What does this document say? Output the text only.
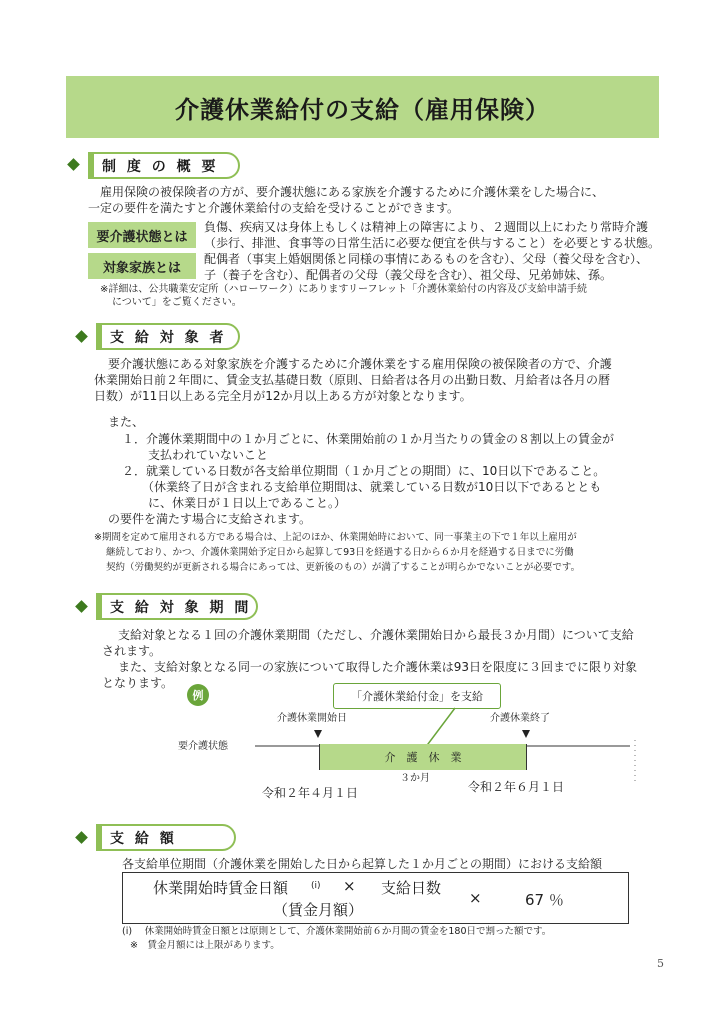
介護休業給付の支給（雇用保険）
制 度 の 概 要
雇用保険の被保険者の方が、要介護状態にある家族を介護するために介護休業をした場合に、
一定の要件を満たすと介護休業給付の支給を受けることができます。
要介護状態とは
負傷、疾病又は身体上もしくは精神上の障害により、２週間以上にわたり常時介護
（歩行、排泄、食事等の日常生活に必要な便宜を供与すること）を必要とする状態。
対象家族とは
配偶者（事実上婚姻関係と同様の事情にあるものを含む）、父母（養父母を含む）、
子（養子を含む）、配偶者の父母（義父母を含む）、祖父母、兄弟姉妹、孫。
※詳細は、公共職業安定所（ハローワーク）にありますリーフレット「介護休業給付の内容及び支給申請手続
について」をご覧ください。
支 給 対 象 者
要介護状態にある対象家族を介護するために介護休業をする雇用保険の被保険者の方で、介護
休業開始日前２年間に、賃金支払基礎日数（原則、日給者は各月の出勤日数、月給者は各月の暦
日数）が11日以上ある完全月が12か月以上ある方が対象となります。
また、
１．介護休業期間中の１か月ごとに、休業開始前の１か月当たりの賃金の８割以上の賃金が
支払われていないこと
２．就業している日数が各支給単位期間（１か月ごとの期間）に、10日以下であること。
（休業終了日が含まれる支給単位期間は、就業している日数が10日以下であるととも
に、休業日が１日以上であること。）
の要件を満たす場合に支給されます。
※期間を定めて雇用される方である場合は、上記のほか、休業開始時において、同一事業主の下で１年以上雇用が
継続しており、かつ、介護休業開始予定日から起算して93日を経過する日から６か月を経過する日までに労働
契約（労働契約が更新される場合にあっては、更新後のもの）が満了することが明らかでないことが必要です。
支 給 対 象 期 間
支給対象となる１回の介護休業期間（ただし、介護休業開始日から最長３か月間）について支給
されます。
また、支給対象となる同一の家族について取得した介護休業は93日を限度に３回までに限り対象
となります。
例	「介護休業給付金」を支給
介　護　休　業
介護休業開始日	介護休業終了
要介護状態
３か月
令和２年４月１日	令和２年６月１日
支 給 額
各支給単位期間（介護休業を開始した日から起算した１か月ごとの期間）における支給額
休業開始時賃金日額	(i) × 支給日数
（賃金月額）
×	67 ％
(i)　 休業開始時賃金日額とは原則として、介護休業開始前６か月間の賃金を180日で割った額です。
※　賃金月額には上限があります。
5
